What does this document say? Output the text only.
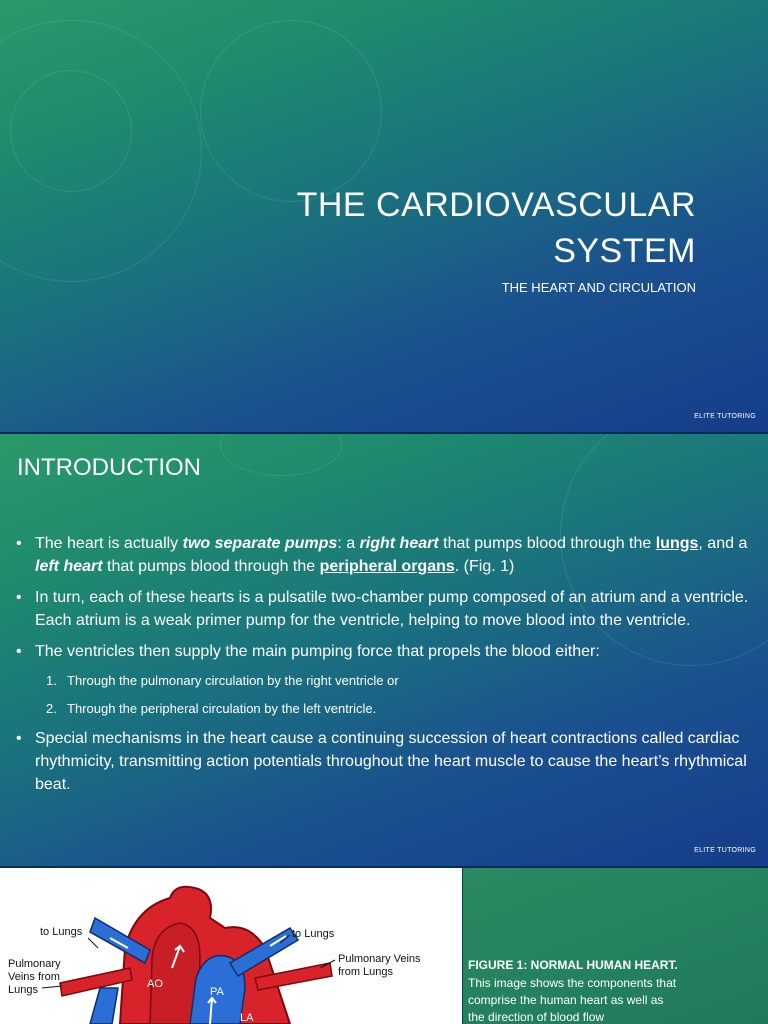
THE CARDIOVASCULAR
SYSTEM
THE HEART AND CIRCULATION
ELITE TUTORING
INTRODUCTION
• The heart is actually two separate pumps: a right heart that pumps blood through the lungs, and a left heart that pumps blood through the peripheral organs. (Fig. 1)
• In turn, each of these hearts is a pulsatile two-chamber pump composed of an atrium and a ventricle. Each atrium is a weak primer pump for the ventricle, helping to move blood into the ventricle.
• The ventricles then supply the main pumping force that propels the blood either:
1. Through the pulmonary circulation by the right ventricle or
2. Through the peripheral circulation by the left ventricle.
• Special mechanisms in the heart cause a continuing succession of heart contractions called cardiac rhythmicity, transmitting action potentials throughout the heart muscle to cause the heart’s rhythmical beat.
ELITE TUTORING
to Lungs	to Lungs
Pulmonary
Veins from
Lungs
Pulmonary Veins
from Lungs
AO
PA
LA
FIGURE 1: NORMAL HUMAN HEART.
This image shows the components that comprise the human heart as well as the direction of blood flow
